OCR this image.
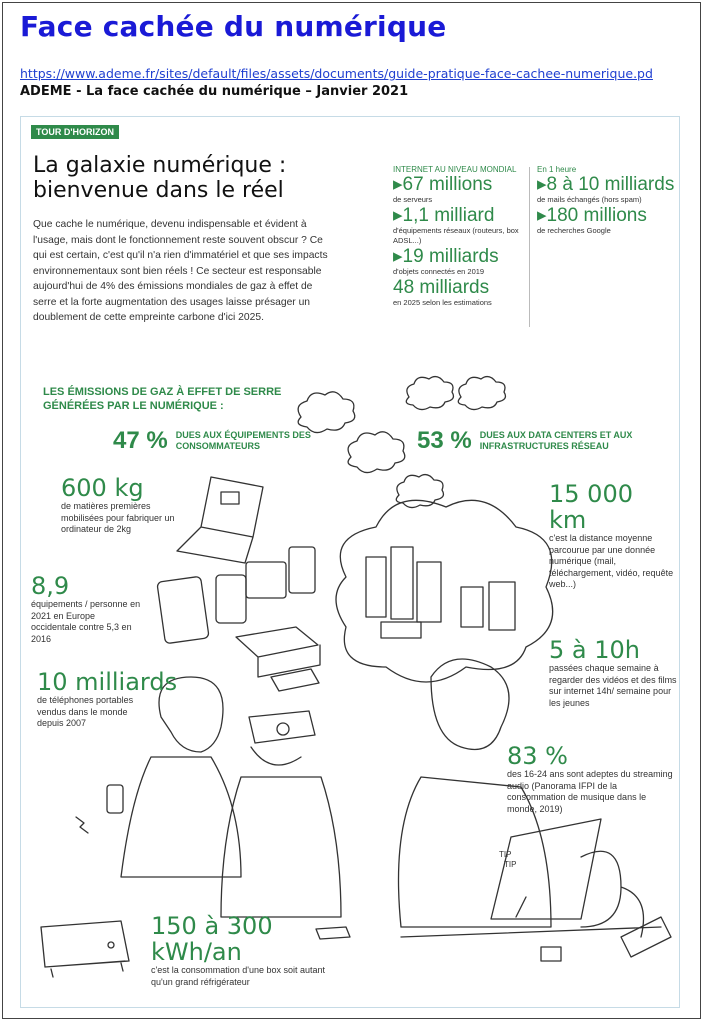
Face cachée du numérique
https://www.ademe.fr/sites/default/files/assets/documents/guide-pratique-face-cachee-numerique.pd
ADEME - La face cachée du numérique – Janvier 2021
TIP
TIP
TOUR D'HORIZON
La galaxie numérique :
bienvenue dans le réel
Que cache le numérique, devenu indispensable et évident à l'usage, mais dont le fonctionnement reste souvent obscur ? Ce qui est certain, c'est qu'il n'a rien d'immatériel et que ses impacts environnementaux sont bien réels ! Ce secteur est responsable aujourd'hui de 4% des émissions mondiales de gaz à effet de serre et la forte augmentation des usages laisse présager un doublement de cette empreinte carbone d'ici 2025.
INTERNET AU NIVEAU MONDIAL
▸67 millions
de serveurs
▸1,1 milliard
d'équipements réseaux (routeurs, box ADSL...)
▸19 milliards
d'objets connectés en 2019
48 milliards
en 2025 selon les estimations
En 1 heure
▸8 à 10 milliards
de mails échangés (hors spam)
▸180 millions
de recherches Google
LES ÉMISSIONS DE GAZ À EFFET DE SERRE GÉNÉRÉES PAR LE NUMÉRIQUE :
47 % DUES AUX ÉQUIPEMENTS DES CONSOMMATEURS	53 % DUES AUX DATA CENTERS ET AUX INFRASTRUCTURES RÉSEAU
600 kg
de matières premières mobilisées pour fabriquer un ordinateur de 2kg
8,9
équipements / personne en 2021 en Europe occidentale contre 5,3 en 2016
10 milliards
de téléphones portables vendus dans le monde depuis 2007
15 000 km
c'est la distance moyenne parcourue par une donnée numérique (mail, téléchargement, vidéo, requête web...)
5 à 10h
passées chaque semaine à regarder des vidéos et des films sur internet 14h/ semaine pour les jeunes
83 %
des 16-24 ans sont adeptes du streaming audio (Panorama IFPI de la consommation de musique dans le monde, 2019)
150 à 300 kWh/an
c'est la consommation d'une box soit autant qu'un grand réfrigérateur
